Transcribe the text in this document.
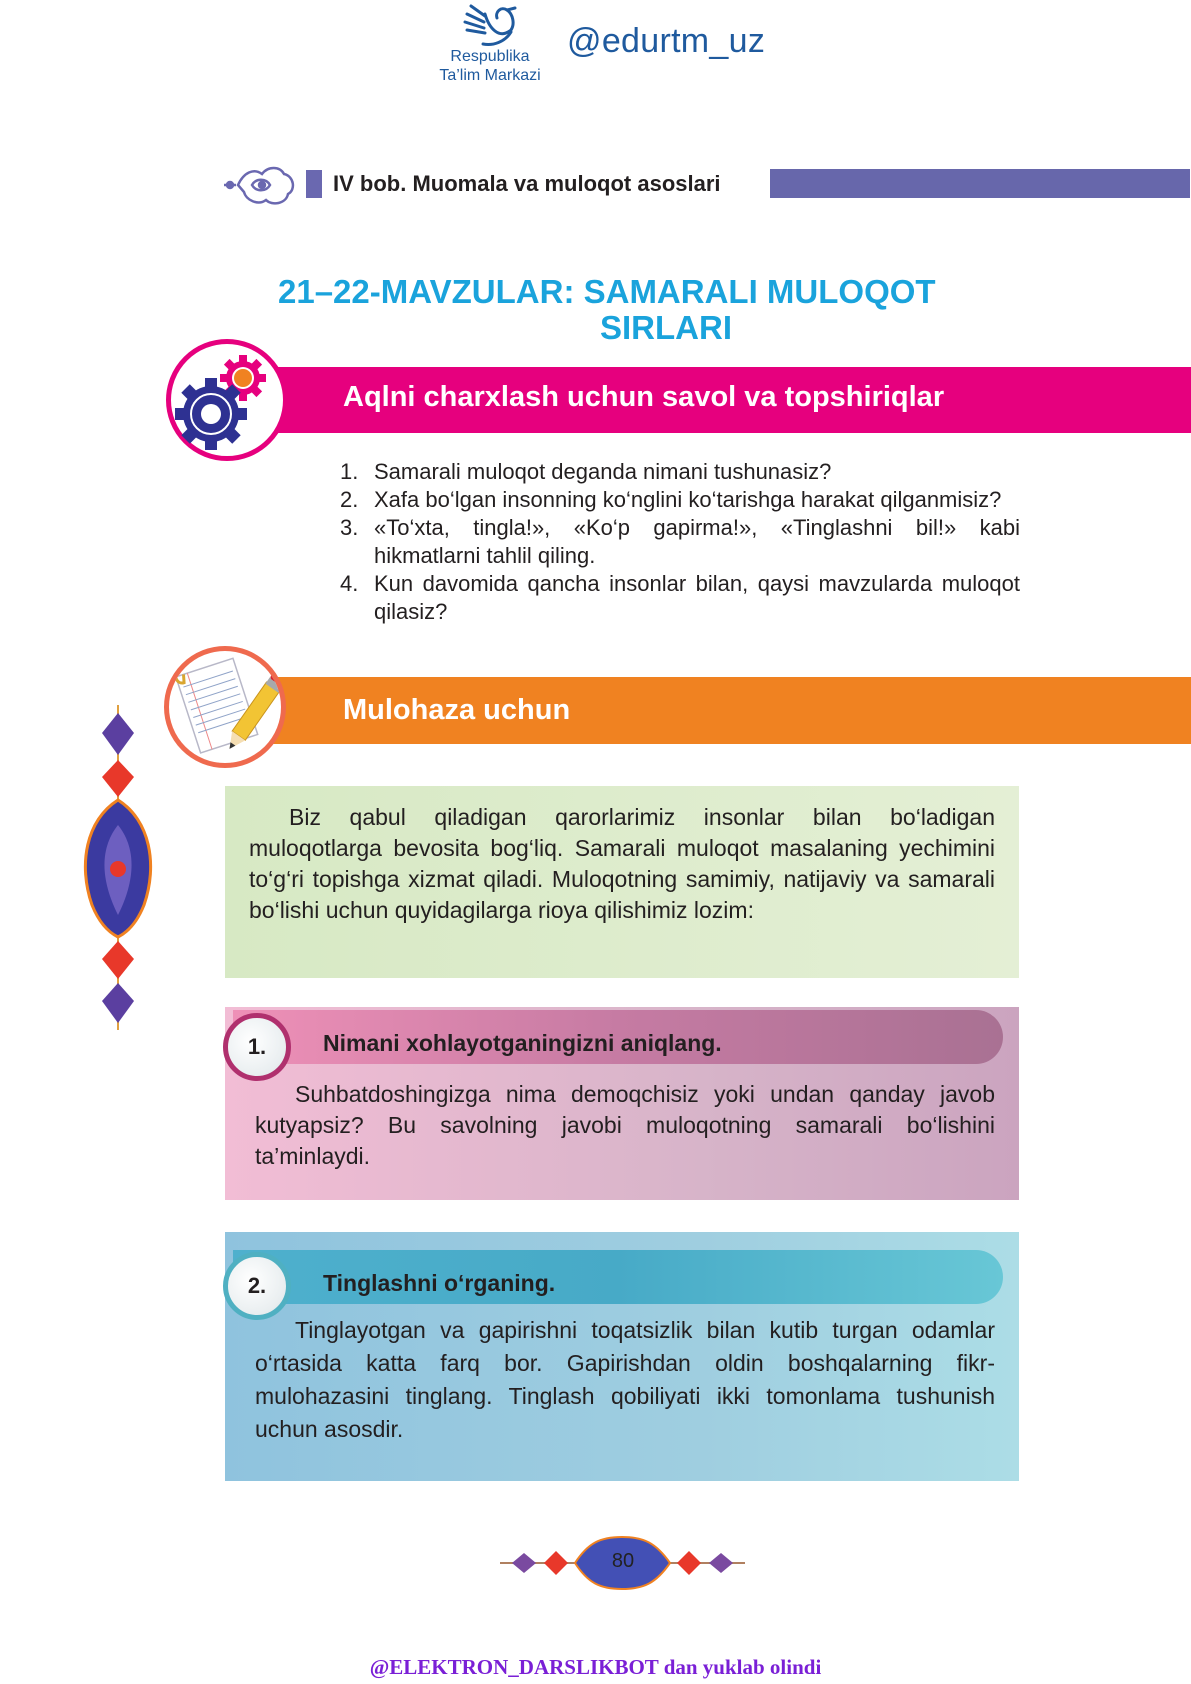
Respublika
Ta’lim Markazi
@edurtm_uz
IV bob. Muomala va muloqot asoslari
21–22-MAVZULAR: SAMARALI MULOQOT
SIRLARI
Aqlni charxlash uchun savol va topshiriqlar
1. Samarali muloqot deganda nimani tushunasiz?
2. Xafa bo‘lgan insonning ko‘nglini ko‘tarishga harakat qilganmisiz?
3. «To‘xta, tingla!», «Ko‘p gapirma!», «Tinglashni bil!» kabi hikmatlarni tahlil qiling.
4. Kun davomida qancha insonlar bilan, qaysi mavzularda muloqot qilasiz?
Mulohaza uchun

Biz qabul qiladigan qarorlarimiz insonlar bilan bo‘ladigan muloqotlarga bevosita bog‘liq. Samarali muloqot masalaning yechimini to‘g‘ri topishga xizmat qiladi. Muloqotning samimiy, natijaviy va samarali bo‘lishi uchun quyidagilarga rioya qilishimiz lozim:

1.	Nimani xohlayotganingizni aniqlang.

Suhbatdoshingizga nima demoqchisiz yoki undan qanday javob kutyapsiz? Bu savolning javobi muloqotning samarali bo‘lishini ta’minlaydi.

2.	Tinglashni o‘rganing.

Tinglayotgan va gapirishni toqatsizlik bilan kutib turgan odamlar o‘rtasida katta farq bor. Gapirishdan oldin boshqalarning fikr-mulohazasini tinglang. Tinglash qobiliyati ikki tomonlama tushunish uchun asosdir.

80
@ELEKTRON_DARSLIKBOT dan yuklab olindi
